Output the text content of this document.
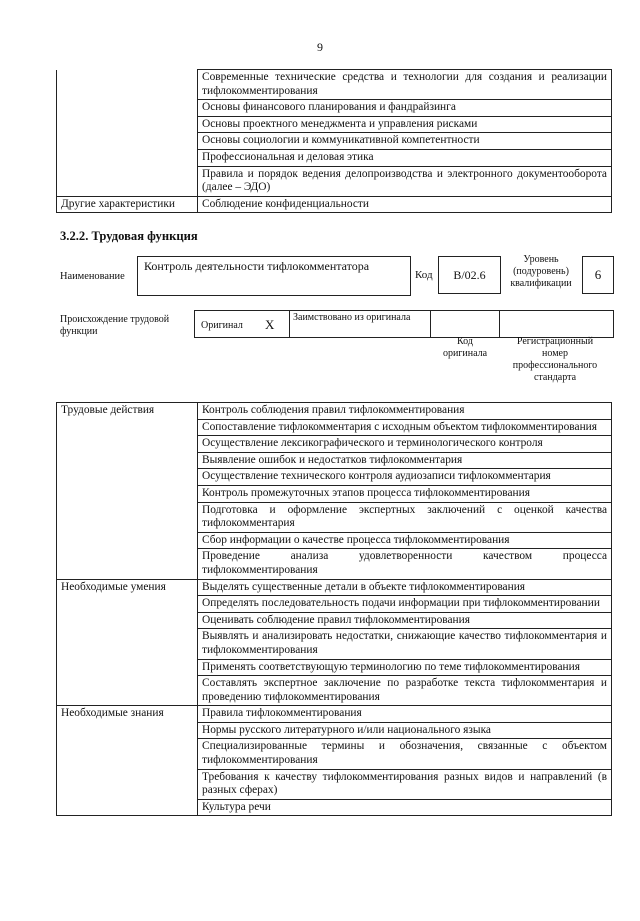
9
	Современные технические средства и технологии для создания и реализации тифлокомментирования
	Основы финансового планирования и фандрайзинга
	Основы проектного менеджмента и управления рисками
	Основы социологии и коммуникативной компетентности
	Профессиональная и деловая этика
	Правила и порядок ведения делопроизводства и электронного документооборота (далее – ЭДО)
Другие характеристики	Соблюдение конфиденциальности
3.2.2. Трудовая функция
Наименование
Контроль деятельности тифлокомментатора
Код	B/02.6
Уровень (подуровень) квалификации
6
Происхождение трудовой функции
Оригинал X	Заимствовано из оригинала
Код оригинала
Регистрационный номер профессионального стандарта
Трудовые действия	Контроль соблюдения правил тифлокомментирования
	Сопоставление тифлокомментария с исходным объектом тифлокомментирования
	Осуществление лексикографического и терминологического контроля
	Выявление ошибок и недостатков тифлокомментария
	Осуществление технического контроля аудиозаписи тифлокомментария
	Контроль промежуточных этапов процесса тифлокомментирования
	Подготовка и оформление экспертных заключений с оценкой качества тифлокомментария
	Сбор информации о качестве процесса тифлокомментирования
	Проведение анализа удовлетворенности качеством процесса тифлокомментирования
Необходимые умения	Выделять существенные детали в объекте тифлокомментирования
	Определять последовательность подачи информации при тифлокомментировании
	Оценивать соблюдение правил тифлокомментирования
	Выявлять и анализировать недостатки, снижающие качество тифлокомментария и тифлокомментирования
	Применять соответствующую терминологию по теме тифлокомментирования
	Составлять экспертное заключение по разработке текста тифлокомментария и проведению тифлокомментирования
Необходимые знания	Правила тифлокомментирования
	Нормы русского литературного и/или национального языка
	Специализированные термины и обозначения, связанные с объектом тифлокомментирования
	Требования к качеству тифлокомментирования разных видов и направлений (в разных сферах)
	Культура речи
